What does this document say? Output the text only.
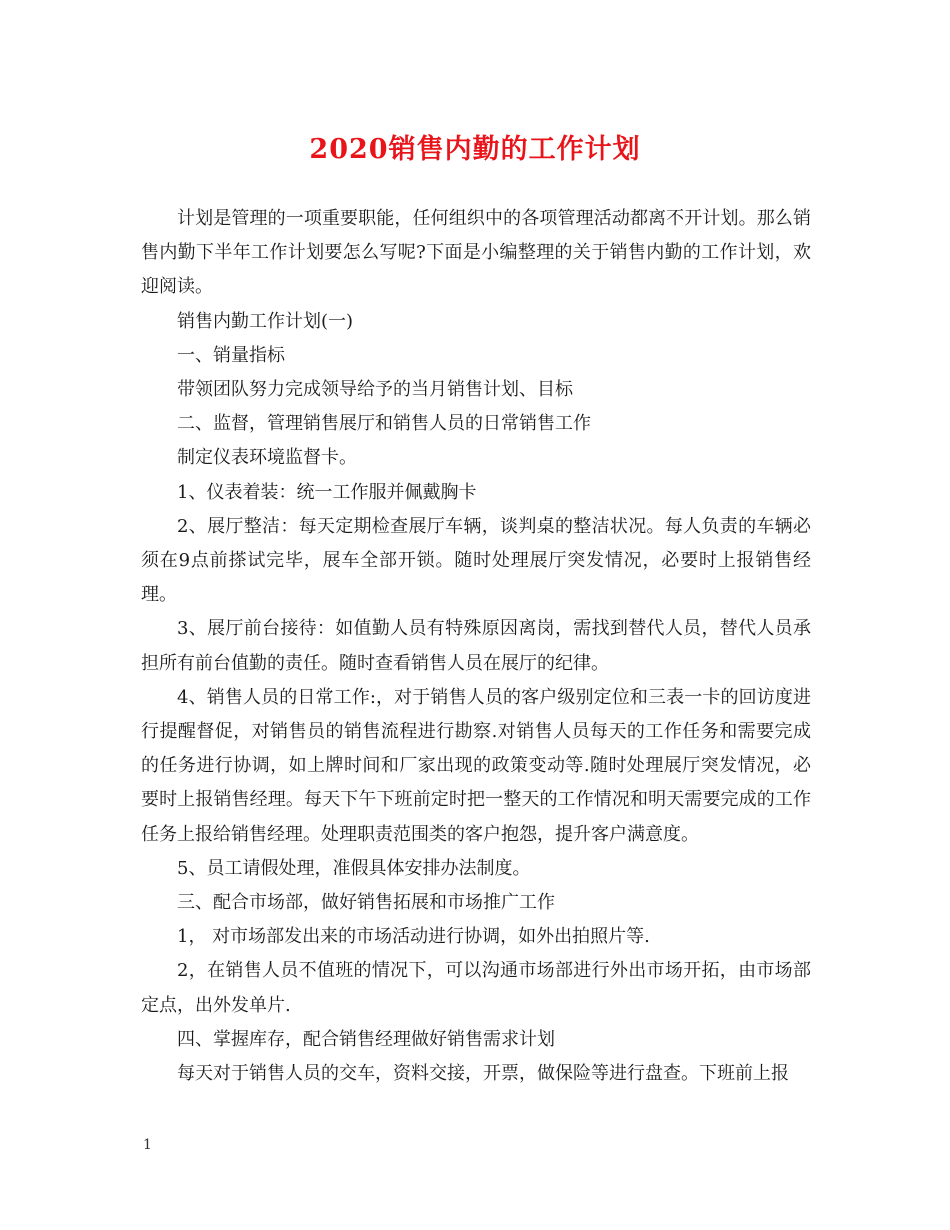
2020销售内勤的工作计划

计划是管理的一项重要职能，任何组织中的各项管理活动都离不开计划。那么销售内勤下半年工作计划要怎么写呢?下面是小编整理的关于销售内勤的工作计划，欢迎阅读。

销售内勤工作计划(一)

一、销量指标

带领团队努力完成领导给予的当月销售计划、目标

二、监督，管理销售展厅和销售人员的日常销售工作

制定仪表环境监督卡。

1、仪表着装：统一工作服并佩戴胸卡

2、展厅整洁：每天定期检查展厅车辆，谈判桌的整洁状况。每人负责的车辆必须在9点前搽试完毕，展车全部开锁。随时处理展厅突发情况，必要时上报销售经理。

3、展厅前台接待：如值勤人员有特殊原因离岗，需找到替代人员，替代人员承担所有前台值勤的责任。随时查看销售人员在展厅的纪律。

4、销售人员的日常工作:，对于销售人员的客户级别定位和三表一卡的回访度进行提醒督促，对销售员的销售流程进行勘察.对销售人员每天的工作任务和需要完成的任务进行协调，如上牌时间和厂家出现的政策变动等.随时处理展厅突发情况，必要时上报销售经理。每天下午下班前定时把一整天的工作情况和明天需要完成的工作任务上报给销售经理。处理职责范围类的客户抱怨，提升客户满意度。

5、员工请假处理，准假具体安排办法制度。

三、配合市场部，做好销售拓展和市场推广工作

1， 对市场部发出来的市场活动进行协调，如外出拍照片等.

2，在销售人员不值班的情况下，可以沟通市场部进行外出市场开拓，由市场部定点，出外发单片.

四、掌握库存，配合销售经理做好销售需求计划

每天对于销售人员的交车，资料交接，开票，做保险等进行盘查。下班前上报

1
